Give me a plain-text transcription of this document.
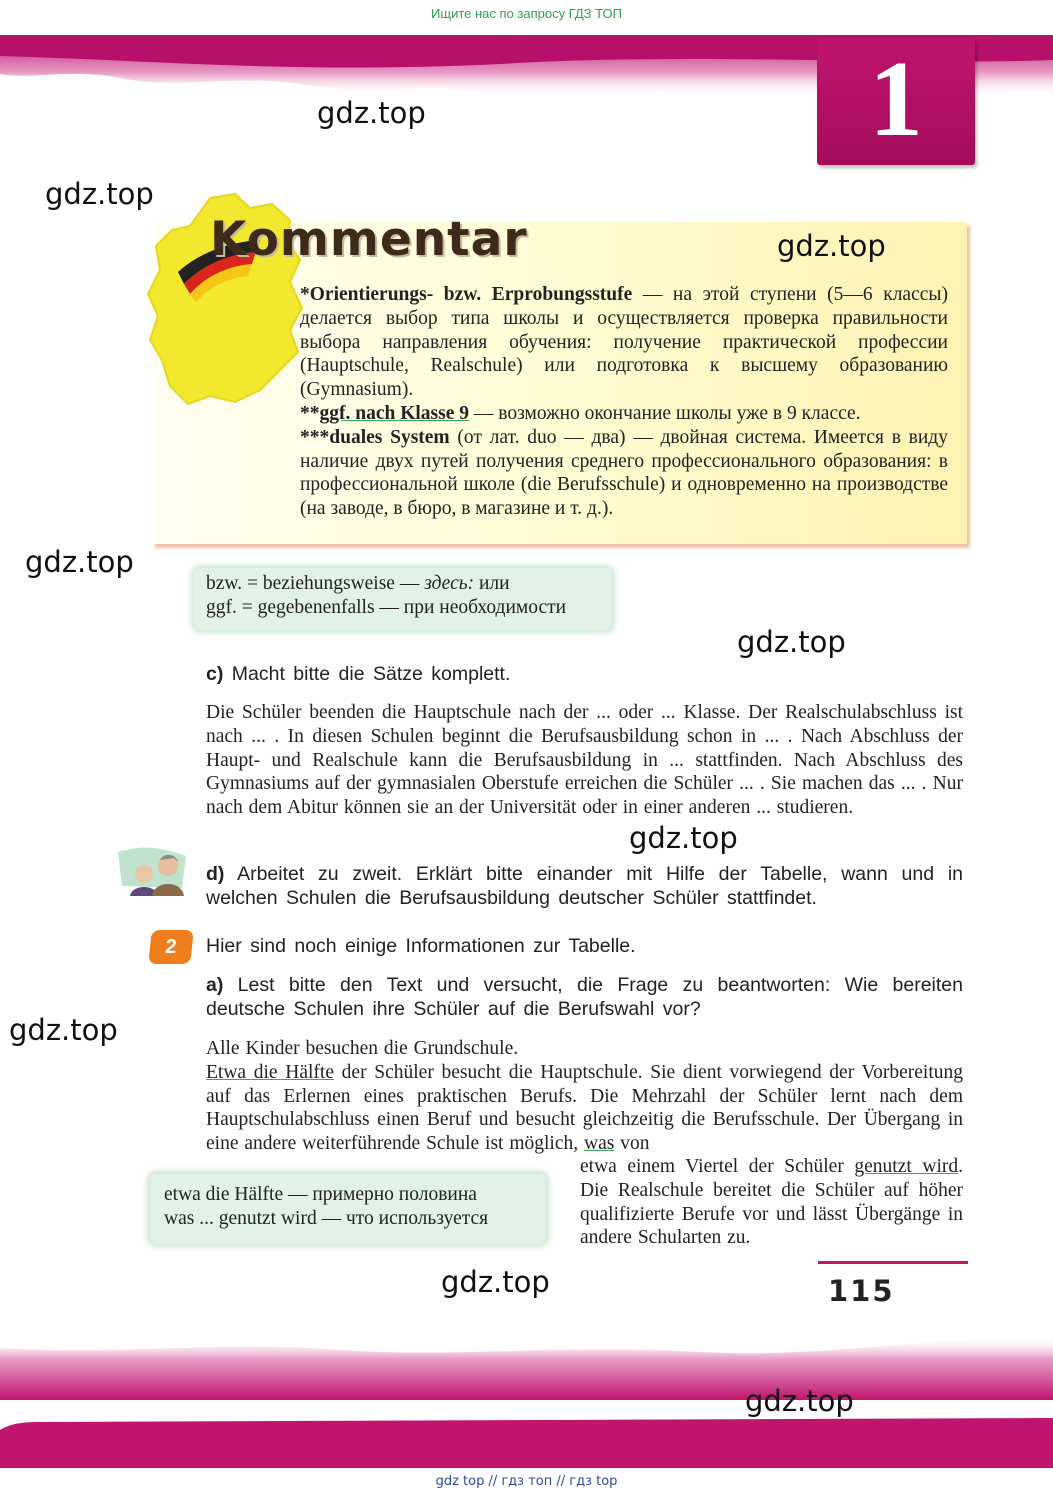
Ищите нас по запросу ГДЗ ТОП
1
Kommentar

*Orientierungs- bzw. Erprobungsstufe — на этой ступени (5—6 классы) делается выбор типа школы и осуществляется проверка правильности выбора направления обучения: получение практической профессии (Hauptschule, Realschule) или подготовка к высшему образованию (Gymnasium).

**ggf. nach Klasse 9 — возможно окончание школы уже в 9 классе.

***duales System (от лат. duo — два) — двойная система. Имеется в виду наличие двух путей получения среднего профессионального образования: в профессиональной школе (die Berufsschule) и одновременно на производстве (на заводе, в бюро, в магазине и т. д.).

bzw. = beziehungsweise — здесь: или
ggf. = gegebenenfalls — при необходимости
c) Macht bitte die Sätze komplett.
Die Schüler beenden die Hauptschule nach der ... oder ... Klasse. Der Realschulabschluss ist nach ... . In diesen Schulen beginnt die Berufsausbildung schon in ... . Nach Abschluss der Haupt- und Realschule kann die Berufsausbildung in ... stattfinden. Nach Abschluss des Gymnasiums auf der gymnasialen Oberstufe erreichen die Schüler ... . Sie machen das ... . Nur nach dem Abitur können sie an der Universität oder in einer anderen ... studieren.
d) Arbeitet zu zweit. Erklärt bitte einander mit Hilfe der Tabelle, wann und in welchen Schulen die Berufsausbildung deutscher Schüler stattfindet.
2	Hier sind noch einige Informationen zur Tabelle.
a) Lest bitte den Text und versucht, die Frage zu beantworten: Wie bereiten deutsche Schulen ihre Schüler auf die Berufswahl vor?

Alle Kinder besuchen die Grundschule.

Etwa die Hälfte der Schüler besucht die Hauptschule. Sie dient vorwiegend der Vorbereitung auf das Erlernen eines praktischen Berufs. Die Mehrzahl der Schüler lernt nach dem Hauptschulabschluss einen Beruf und besucht gleichzeitig die Berufsschule. Der Übergang in eine andere weiterführende Schule ist möglich, was von

etwa einem Viertel der Schüler genutzt wird. Die Realschule bereitet die Schüler auf höher qualifizierte Berufe vor und lässt Übergänge in andere Schularten zu.
etwa die Hälfte — примерно половина
was ... genutzt wird — что используется
115
gdz.top
gdz.top
gdz.top
gdz.top
gdz.top
gdz.top
gdz.top
gdz.top
gdz.top
gdz top // гдз топ // гдз top
